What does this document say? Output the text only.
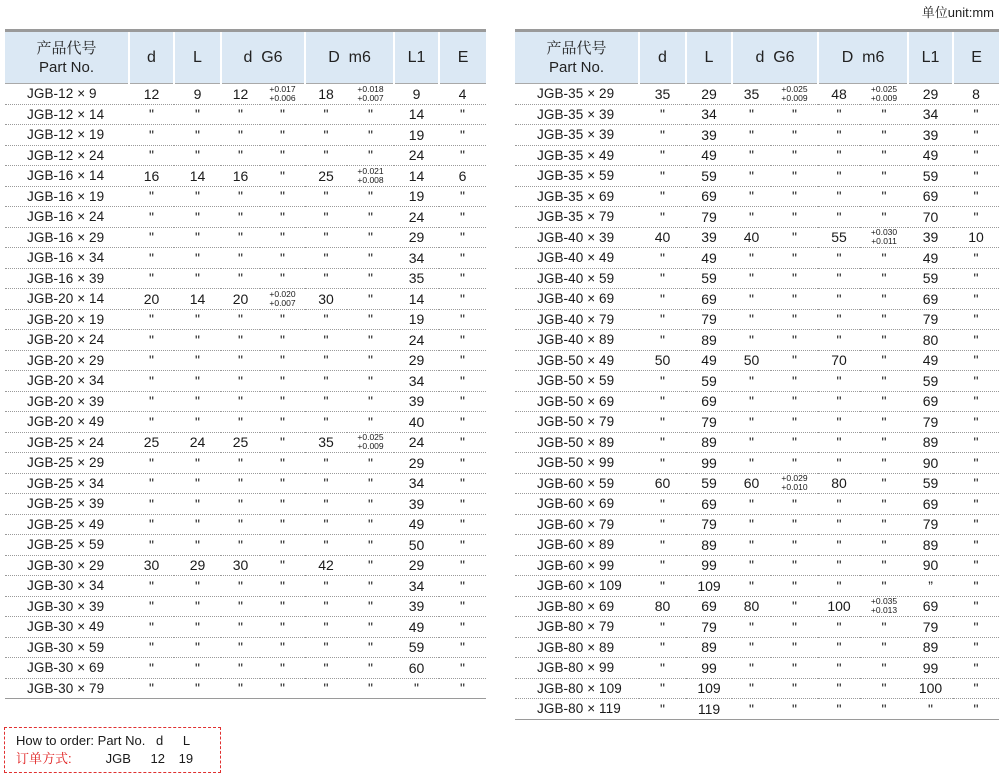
单位unit:mm
产品代号
Part No.	d	L	d  G6		D  m6		L1	E
JGB-12 × 9	12	9	12	+0.017
+0.006	18	+0.018
+0.007	9	4
JGB-12 × 14	"	"	"	"	"	"	14	"
JGB-12 × 19	"	"	"	"	"	"	19	"
JGB-12 × 24	"	"	"	"	"	"	24	"
JGB-16 × 14	16	14	16	"	25	+0.021
+0.008	14	6
JGB-16 × 19	"	"	"	"	"	"	19	"
JGB-16 × 24	"	"	"	"	"	"	24	"
JGB-16 × 29	"	"	"	"	"	"	29	"
JGB-16 × 34	"	"	"	"	"	"	34	"
JGB-16 × 39	"	"	"	"	"	"	35	"
JGB-20 × 14	20	14	20	+0.020
+0.007	30	"	14	"
JGB-20 × 19	"	"	"	"	"	"	19	"
JGB-20 × 24	"	"	"	"	"	"	24	"
JGB-20 × 29	"	"	"	"	"	"	29	"
JGB-20 × 34	"	"	"	"	"	"	34	"
JGB-20 × 39	"	"	"	"	"	"	39	"
JGB-20 × 49	"	"	"	"	"	"	40	"
JGB-25 × 24	25	24	25	"	35	+0.025
+0.009	24	"
JGB-25 × 29	"	"	"	"	"	"	29	"
JGB-25 × 34	"	"	"	"	"	"	34	"
JGB-25 × 39	"	"	"	"	"	"	39	"
JGB-25 × 49	"	"	"	"	"	"	49	"
JGB-25 × 59	"	"	"	"	"	"	50	"
JGB-30 × 29	30	29	30	"	42	"	29	"
JGB-30 × 34	"	"	"	"	"	"	34	"
JGB-30 × 39	"	"	"	"	"	"	39	"
JGB-30 × 49	"	"	"	"	"	"	49	"
JGB-30 × 59	"	"	"	"	"	"	59	"
JGB-30 × 69	"	"	"	"	"	"	60	"
JGB-30 × 79	"	"	"	"	"	"	"	"
产品代号
Part No.	d	L	d  G6		D  m6		L1	E
JGB-35 × 29	35	29	35	+0.025
+0.009	48	+0.025
+0.009	29	8
JGB-35 × 39	"	34	"	"	"	"	34	"
JGB-35 × 39	"	39	"	"	"	"	39	"
JGB-35 × 49	"	49	"	"	"	"	49	"
JGB-35 × 59	"	59	"	"	"	"	59	"
JGB-35 × 69	"	69	"	"	"	"	69	"
JGB-35 × 79	"	79	"	"	"	"	70	"
JGB-40 × 39	40	39	40	"	55	+0.030
+0.011	39	10
JGB-40 × 49	"	49	"	"	"	"	49	"
JGB-40 × 59	"	59	"	"	"	"	59	"
JGB-40 × 69	"	69	"	"	"	"	69	"
JGB-40 × 79	"	79	"	"	"	"	79	"
JGB-40 × 89	"	89	"	"	"	"	80	"
JGB-50 × 49	50	49	50	"	70	"	49	"
JGB-50 × 59	"	59	"	"	"	"	59	"
JGB-50 × 69	"	69	"	"	"	"	69	"
JGB-50 × 79	"	79	"	"	"	"	79	"
JGB-50 × 89	"	89	"	"	"	"	89	"
JGB-50 × 99	"	99	"	"	"	"	90	"
JGB-60 × 59	60	59	60	+0.029
+0.010	80	"	59	"
JGB-60 × 69	"	69	"	"	"	"	69	"
JGB-60 × 79	"	79	"	"	"	"	79	"
JGB-60 × 89	"	89	"	"	"	"	89	"
JGB-60 × 99	"	99	"	"	"	"	90	"
JGB-60 × 109	"	109	"	"	"	"	”	"
JGB-80 × 69	80	69	80	"	100	+0.035
+0.013	69	"
JGB-80 × 79	"	79	"	"	"	"	79	"
JGB-80 × 89	"	89	"	"	"	"	89	"
JGB-80 × 99	"	99	"	"	"	"	99	"
JGB-80 × 109	"	109	"	"	"	"	100	"
JGB-80 × 119	"	119	"	"	"	"	"	"
How to order: Part No. d L
订单方式:	JGB 12 19
